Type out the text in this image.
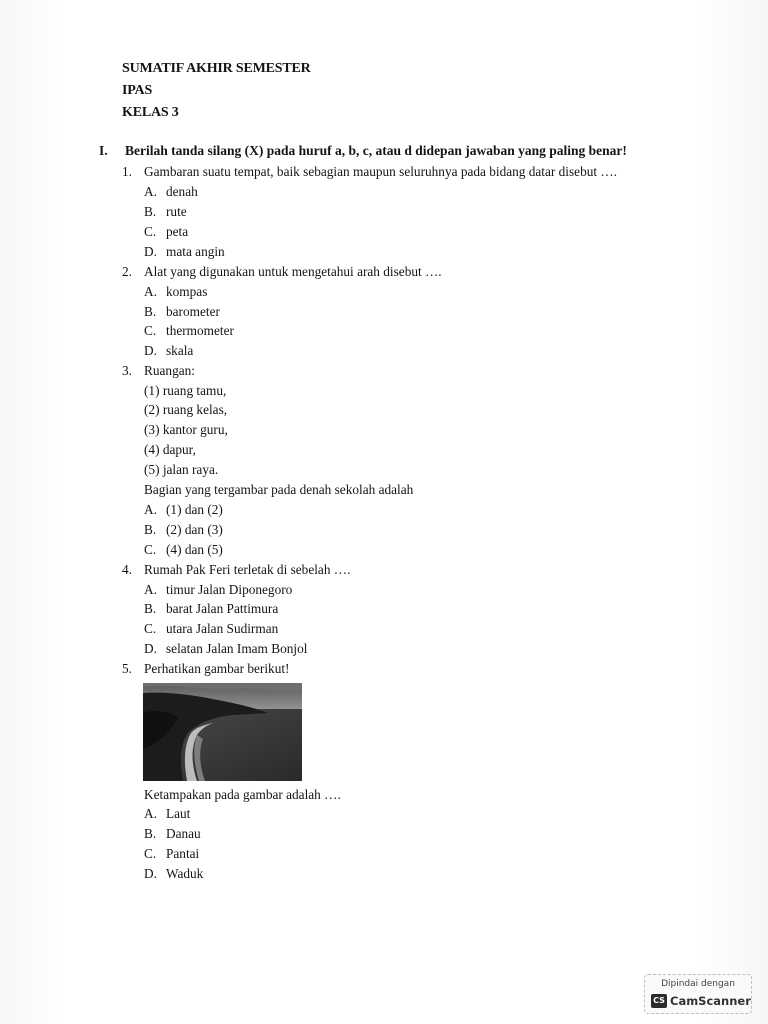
SUMATIF AKHIR SEMESTER
IPAS
KELAS 3
I. Berilah tanda silang (X) pada huruf a, b, c, atau d didepan jawaban yang paling benar!
1. Gambaran suatu tempat, baik sebagian maupun seluruhnya pada bidang datar disebut ….
A. denah
B. rute
C. peta
D. mata angin
2. Alat yang digunakan untuk mengetahui arah disebut ….
A. kompas
B. barometer
C. thermometer
D. skala
3. Ruangan:
(1) ruang tamu,
(2) ruang kelas,
(3) kantor guru,
(4) dapur,
(5) jalan raya.
Bagian yang tergambar pada denah sekolah adalah
A. (1) dan (2)
B. (2) dan (3)
C. (4) dan (5)
4. Rumah Pak Feri terletak di sebelah ….
A. timur Jalan Diponegoro
B. barat Jalan Pattimura
C. utara Jalan Sudirman
D. selatan Jalan Imam Bonjol
5. Perhatikan gambar berikut!
Ketampakan pada gambar adalah ….
A. Laut
B. Danau
C. Pantai
D. Waduk
Dipindai dengan
CS CamScanner
